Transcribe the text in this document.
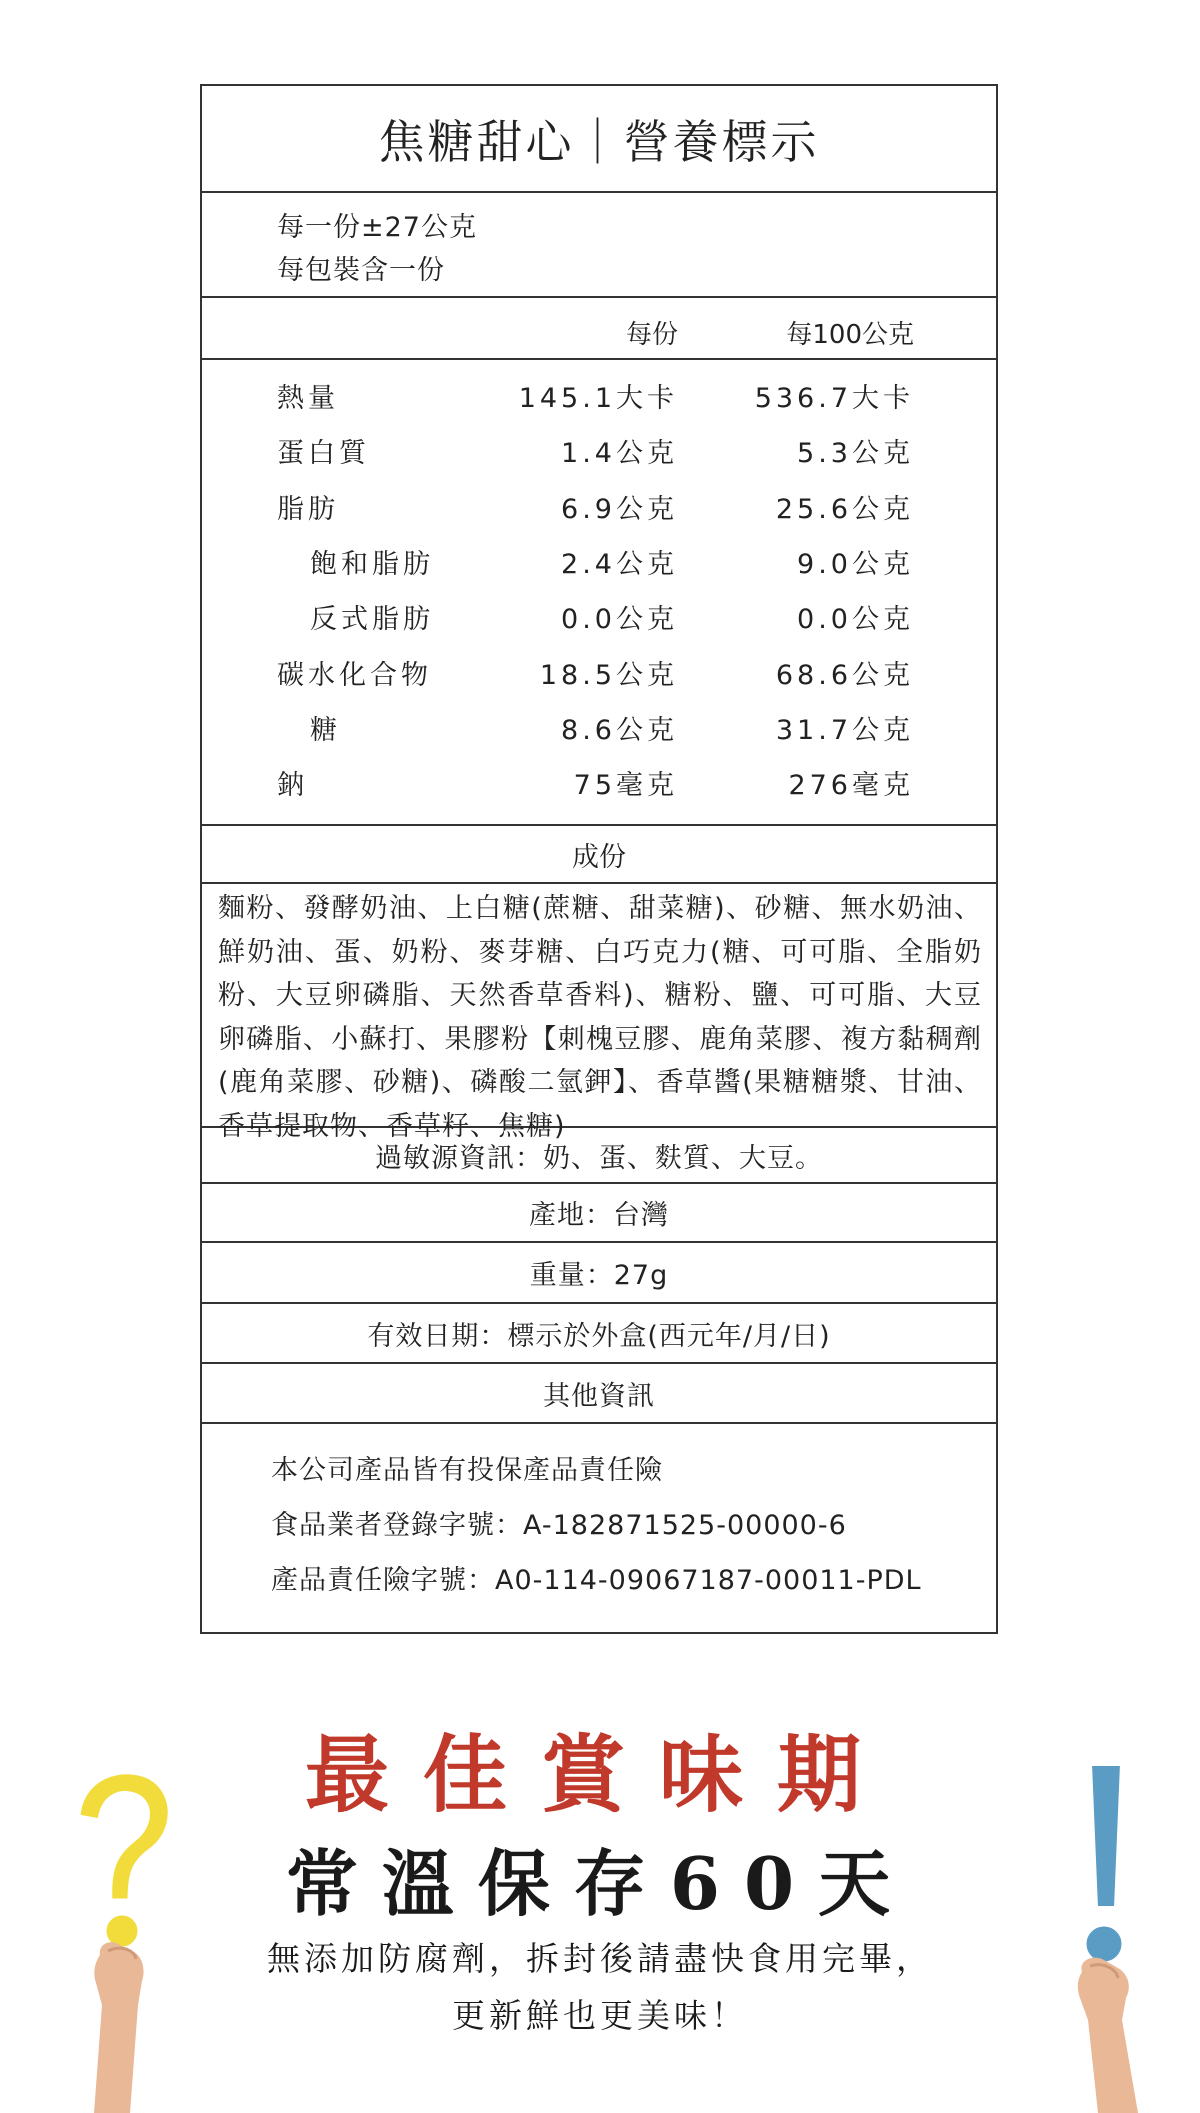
焦糖甜心｜營養標示
每一份±27公克
每包裝含一份
每份	每100公克
熱量	145.1大卡	536.7大卡
蛋白質	1.4公克	5.3公克
脂肪	6.9公克	25.6公克
飽和脂肪	2.4公克	9.0公克
反式脂肪	0.0公克	0.0公克
碳水化合物	18.5公克	68.6公克
糖	8.6公克	31.7公克
鈉	75毫克	276毫克
成份

麵粉、發酵奶油、上白糖(蔗糖、甜菜糖)、砂糖、無水奶油、鮮奶油、蛋、奶粉、麥芽糖、白巧克力(糖、可可脂、全脂奶粉、大豆卵磷脂、天然香草香料)、糖粉、鹽、可可脂、大豆卵磷脂、小蘇打、果膠粉【刺槐豆膠、鹿角菜膠、複方黏稠劑(鹿角菜膠、砂糖)、磷酸二氫鉀】、香草醬(果糖糖漿、甘油、香草提取物、香草籽、焦糖)

過敏源資訊：奶、蛋、麩質、大豆。
產地：台灣
重量：27g
有效日期：標示於外盒(西元年/月/日)
其他資訊
本公司產品皆有投保產品責任險
食品業者登錄字號：A-182871525-00000-6
產品責任險字號：A0-114-09067187-00011-PDL
最佳賞味期
常溫保存60天
無添加防腐劑，拆封後請盡快食用完畢，
更新鮮也更美味！
